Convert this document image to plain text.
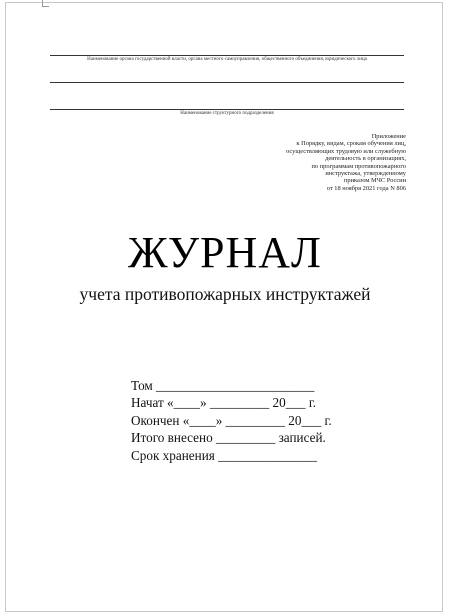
Наименование органа государственной власти, органа местного самоуправления, общественного объединения, юридического лица
Наименование структурного подразделения
Приложение
к Порядку, видам, срокам обучения лиц,
осуществляющих трудовую или служебную
деятельность в организациях,
по программам противопожарного
инструктажа, утвержденному
приказом МЧС России
от 18 ноября 2021 года N 806
ЖУРНАЛ
учета противопожарных инструктажей
Том ________________________
Начат «____» _________ 20___ г.
Окончен «____» _________ 20___ г.
Итого внесено _________ записей.
Срок хранения _______________
